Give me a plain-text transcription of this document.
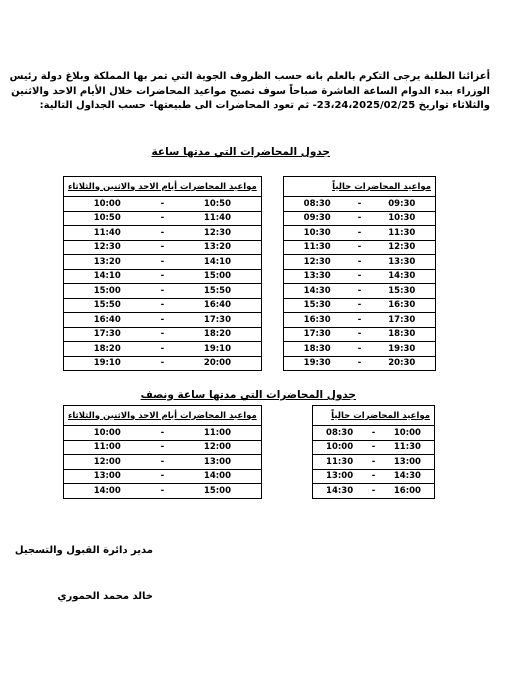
أعزائنا الطلبة يرجى التكرم بالعلم بانه حسب الظروف الجوية التي تمر بها المملكة وبلاغ دولة رئيس

الوزراء ببدء الدوام الساعة العاشرة صباحاً سوف تصبح مواعيد المحاضرات خلال الأيام الاحد والاثنين

والثلاثاء تواريخ 23،24،2025/02/25- ثم تعود المحاضرات الى طبيعتها- حسب الجداول التالية:

جدول المحاضرات التي مدتها ساعة
مواعيد المحاضرات حالياً		
08:30	-	09:30
09:30	-	10:30
10:30	-	11:30
11:30	-	12:30
12:30	-	13:30
13:30	-	14:30
14:30	-	15:30
15:30	-	16:30
16:30	-	17:30
17:30	-	18:30
18:30	-	19:30
19:30	-	20:30
مواعيد المحاضرات أيام الاحد والاثنين والثلاثاء		
10:00	-	10:50
10:50	-	11:40
11:40	-	12:30
12:30	-	13:20
13:20	-	14:10
14:10	-	15:00
15:00	-	15:50
15:50	-	16:40
16:40	-	17:30
17:30	-	18:20
18:20	-	19:10
19:10	-	20:00
جدول المحاضرات التي مدتها ساعة ونصف
مواعيد المحاضرات حالياً		
08:30	-	10:00
10:00	-	11:30
11:30	-	13:00
13:00	-	14:30
14:30	-	16:00
مواعيد المحاضرات أيام الاحد والاثنين والثلاثاء		
10:00	-	11:00
11:00	-	12:00
12:00	-	13:00
13:00	-	14:00
14:00	-	15:00
مدير دائرة القبول والتسجيل
خالد محمد الحموري
